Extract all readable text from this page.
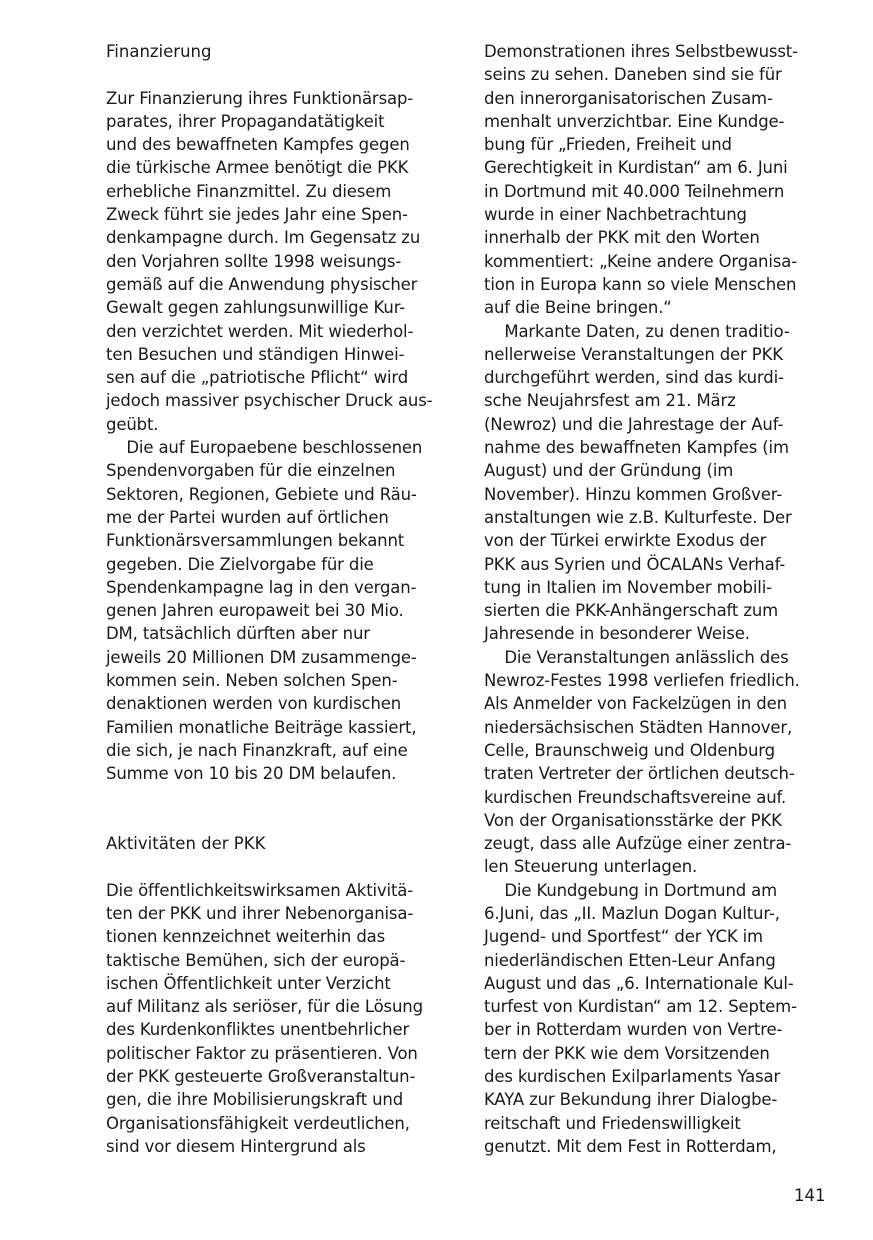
Finanzierung
Zur Finanzierung ihres Funktionärsap-
parates, ihrer Propagandatätigkeit
und des bewaffneten Kampfes gegen
die türkische Armee benötigt die PKK
erhebliche Finanzmittel. Zu diesem
Zweck führt sie jedes Jahr eine Spen-
denkampagne durch. Im Gegensatz zu
den Vorjahren sollte 1998 weisungs-
gemäß auf die Anwendung physischer
Gewalt gegen zahlungsunwillige Kur-
den verzichtet werden. Mit wiederhol-
ten Besuchen und ständigen Hinwei-
sen auf die „patriotische Pflicht“ wird
jedoch massiver psychischer Druck aus-
geübt.
Die auf Europaebene beschlossenen
Spendenvorgaben für die einzelnen
Sektoren, Regionen, Gebiete und Räu-
me der Partei wurden auf örtlichen
Funktionärsversammlungen bekannt
gegeben. Die Zielvorgabe für die
Spendenkampagne lag in den vergan-
genen Jahren europaweit bei 30 Mio.
DM, tatsächlich dürften aber nur
jeweils 20 Millionen DM zusammenge-
kommen sein. Neben solchen Spen-
denaktionen werden von kurdischen
Familien monatliche Beiträge kassiert,
die sich, je nach Finanzkraft, auf eine
Summe von 10 bis 20 DM belaufen.
Aktivitäten der PKK
Die öffentlichkeitswirksamen Aktivitä-
ten der PKK und ihrer Nebenorganisa-
tionen kennzeichnet weiterhin das
taktische Bemühen, sich der europä-
ischen Öffentlichkeit unter Verzicht
auf Militanz als seriöser, für die Lösung
des Kurdenkonfliktes unentbehrlicher
politischer Faktor zu präsentieren. Von
der PKK gesteuerte Großveranstaltun-
gen, die ihre Mobilisierungskraft und
Organisationsfähigkeit verdeutlichen,
sind vor diesem Hintergrund als
Demonstrationen ihres Selbstbewusst-
seins zu sehen. Daneben sind sie für
den innerorganisatorischen Zusam-
menhalt unverzichtbar. Eine Kundge-
bung für „Frieden, Freiheit und
Gerechtigkeit in Kurdistan“ am 6. Juni
in Dortmund mit 40.000 Teilnehmern
wurde in einer Nachbetrachtung
innerhalb der PKK mit den Worten
kommentiert: „Keine andere Organisa-
tion in Europa kann so viele Menschen
auf die Beine bringen.“
Markante Daten, zu denen traditio-
nellerweise Veranstaltungen der PKK
durchgeführt werden, sind das kurdi-
sche Neujahrsfest am 21. März
(Newroz) und die Jahrestage der Auf-
nahme des bewaffneten Kampfes (im
August) und der Gründung (im
November). Hinzu kommen Großver-
anstaltungen wie z.B. Kulturfeste. Der
von der Türkei erwirkte Exodus der
PKK aus Syrien und ÖCALANs Verhaf-
tung in Italien im November mobili-
sierten die PKK-Anhängerschaft zum
Jahresende in besonderer Weise.
Die Veranstaltungen anlässlich des
Newroz-Festes 1998 verliefen friedlich.
Als Anmelder von Fackelzügen in den
niedersächsischen Städten Hannover,
Celle, Braunschweig und Oldenburg
traten Vertreter der örtlichen deutsch-
kurdischen Freundschaftsvereine auf.
Von der Organisationsstärke der PKK
zeugt, dass alle Aufzüge einer zentra-
len Steuerung unterlagen.
Die Kundgebung in Dortmund am
6.Juni, das „II. Mazlun Dogan Kultur-,
Jugend- und Sportfest“ der YCK im
niederländischen Etten-Leur Anfang
August und das „6. Internationale Kul-
turfest von Kurdistan“ am 12. Septem-
ber in Rotterdam wurden von Vertre-
tern der PKK wie dem Vorsitzenden
des kurdischen Exilparlaments Yasar
KAYA zur Bekundung ihrer Dialogbe-
reitschaft und Friedenswilligkeit
genutzt. Mit dem Fest in Rotterdam,
141
